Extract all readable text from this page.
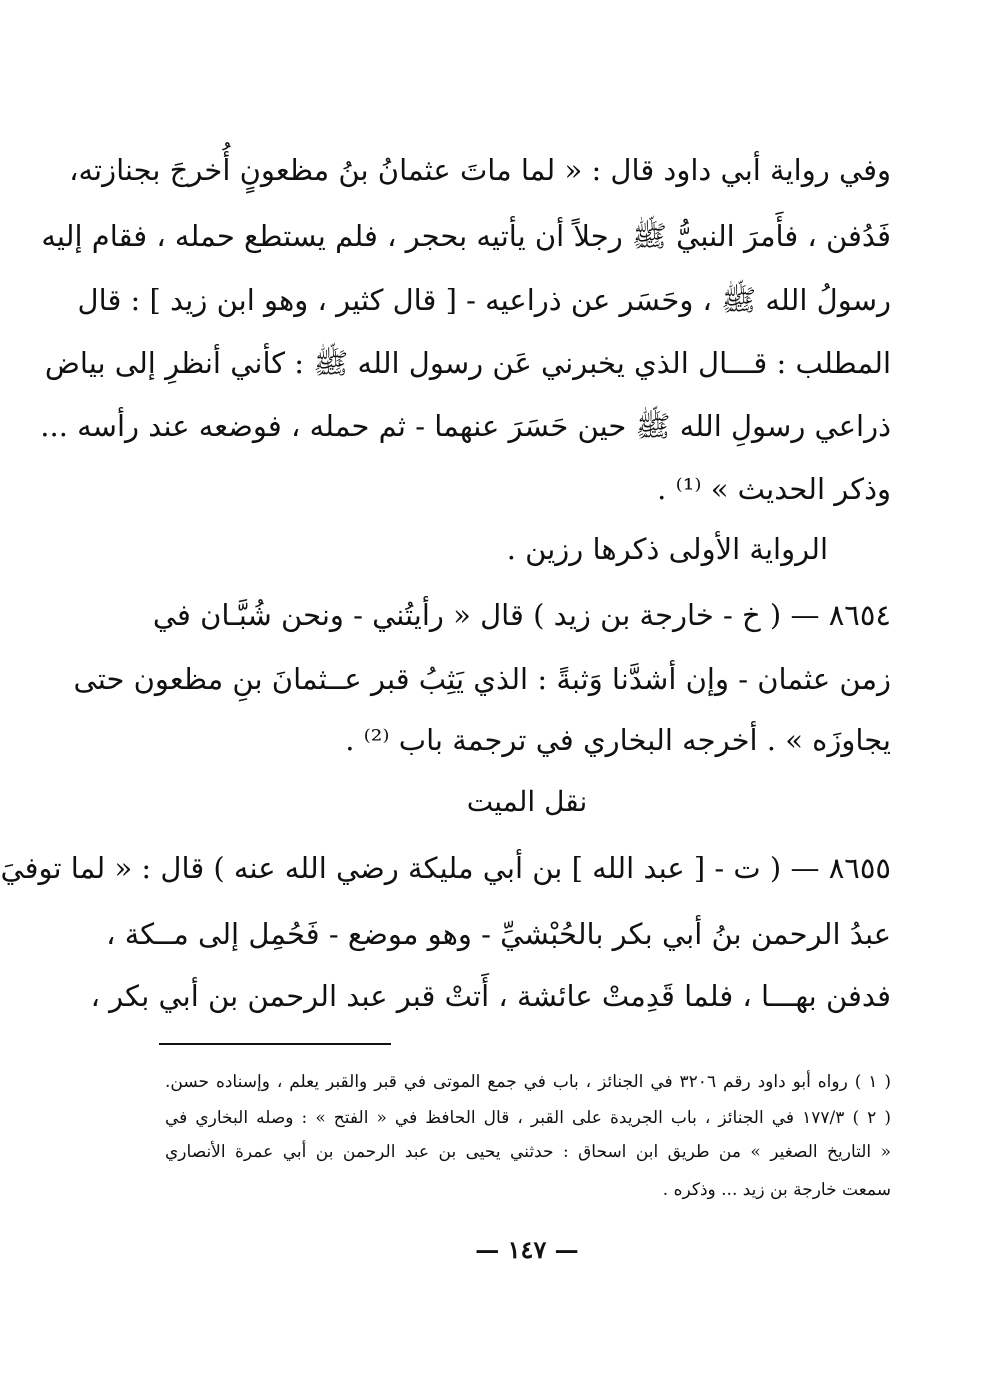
وفي رواية أبي داود قال : « لما ماتَ عثمانُ بنُ مظعونٍ أُخرجَ بجنازته،
فَدُفن ، فأَمرَ النبيُّ ﷺ رجلاً أن يأتيه بحجر ، فلم يستطع حمله ، فقام إليه
رسولُ الله ﷺ ، وحَسَر عن ذراعيه - [ قال كثير ، وهو ابن زيد ] : قال
المطلب : قـــال الذي يخبرني عَن رسول الله ﷺ : كأني أنظرِ إلى بياض
ذراعي رسولِ الله ﷺ حين حَسَرَ عنهما - ثم حمله ، فوضعه عند رأسه ...
وذكر الحديث » ⁽¹⁾ .
الرواية الأولى ذكرها رزين .
٨٦٥٤ — ( خ - خارجة بن زيد ) قال « رأيتُني - ونحن شُبَّـان في
زمن عثمان - وإن أشدَّنا وَثبةً : الذي يَثِبُ قبر عــثمانَ بنِ مظعون حتى
يجاوزَه » . أخرجه البخاري في ترجمة باب ⁽²⁾ .
نقل الميت
٨٦٥٥ — ( ت - [ عبد الله ] بن أبي مليكة رضي الله عنه ) قال : « لما توفيَ
عبدُ الرحمن بنُ أبي بكر بالحُبْشيِّ - وهو موضع - فَحُمِل إلى مــكة ،
فدفن بهـــا ، فلما قَدِمتْ عائشة ، أَتتْ قبر عبد الرحمن بن أبي بكر ،
( ١ ) رواه أبو داود رقم ٣٢٠٦ في الجنائز ، باب في جمع الموتى في قبر والقبر يعلم ، وإسناده حسن.
( ٢ ) ١٧٧/٣ في الجنائز ، باب الجريدة على القبر ، قال الحافظ في « الفتح » : وصله البخاري في
« التاريخ الصغير » من طريق ابن اسحاق : حدثني يحيى بن عبد الرحمن بن أبي عمرة الأنصاري
سمعت خارجة بن زيد ... وذكره .
— ١٤٧ —
